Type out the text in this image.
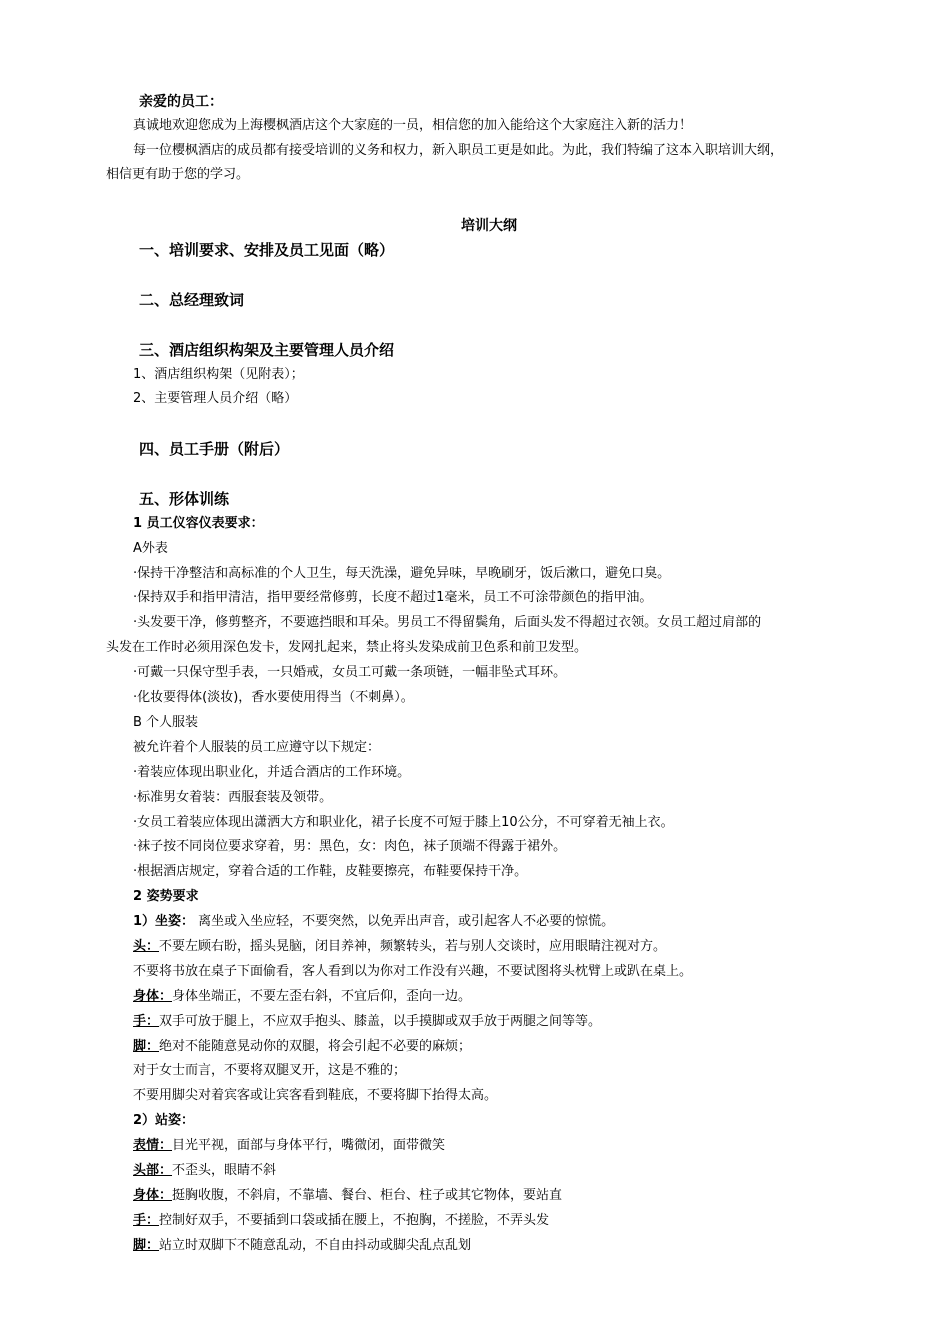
亲爱的员工：
真诚地欢迎您成为上海樱枫酒店这个大家庭的一员，相信您的加入能给这个大家庭注入新的活力！
每一位樱枫酒店的成员都有接受培训的义务和权力，新入职员工更是如此。为此，我们特编了这本入职培训大纲，
相信更有助于您的学习。
培训大纲
一、培训要求、安排及员工见面（略）
二、总经理致词
三、酒店组织构架及主要管理人员介绍
1、酒店组织构架（见附表）；
2、主要管理人员介绍（略）
四、员工手册（附后）
五、形体训练
1 员工仪容仪表要求：
A外表
·保持干净整洁和高标准的个人卫生，每天洗澡，避免异味，早晚刷牙，饭后漱口，避免口臭。
·保持双手和指甲清洁，指甲要经常修剪，长度不超过1毫米，员工不可涂带颜色的指甲油。
·头发要干净，修剪整齐，不要遮挡眼和耳朵。男员工不得留鬓角，后面头发不得超过衣领。女员工超过肩部的
头发在工作时必须用深色发卡，发网扎起来，禁止将头发染成前卫色系和前卫发型。
·可戴一只保守型手表，一只婚戒，女员工可戴一条项链，一幅非坠式耳环。
·化妆要得体(淡妆)，香水要使用得当（不刺鼻）。
B 个人服装
被允许着个人服装的员工应遵守以下规定：
·着装应体现出职业化，并适合酒店的工作环境。
·标准男女着装：西服套装及领带。
·女员工着装应体现出潇洒大方和职业化，裙子长度不可短于膝上10公分，不可穿着无袖上衣。
·袜子按不同岗位要求穿着，男：黑色，女：肉色，袜子顶端不得露于裙外。
·根据酒店规定，穿着合适的工作鞋，皮鞋要擦亮，布鞋要保持干净。
2 姿势要求
1）坐姿： 离坐或入坐应轻，不要突然，以免弄出声音，或引起客人不必要的惊慌。
头：不要左顾右盼，摇头晃脑，闭目养神，频繁转头，若与别人交谈时，应用眼睛注视对方。
不要将书放在桌子下面偷看，客人看到以为你对工作没有兴趣，不要试图将头枕臂上或趴在桌上。
身体：身体坐端正，不要左歪右斜，不宜后仰，歪向一边。
手：双手可放于腿上，不应双手抱头、膝盖，以手摸脚或双手放于两腿之间等等。
脚：绝对不能随意晃动你的双腿，将会引起不必要的麻烦；
对于女士而言，不要将双腿叉开，这是不雅的；
不要用脚尖对着宾客或让宾客看到鞋底，不要将脚下抬得太高。
2）站姿：
表情：目光平视，面部与身体平行，嘴微闭，面带微笑
头部：不歪头，眼睛不斜
身体：挺胸收腹，不斜肩，不靠墙、餐台、柜台、柱子或其它物体，要站直
手：控制好双手，不要插到口袋或插在腰上，不抱胸，不搓脸，不弄头发
脚：站立时双脚下不随意乱动，不自由抖动或脚尖乱点乱划
